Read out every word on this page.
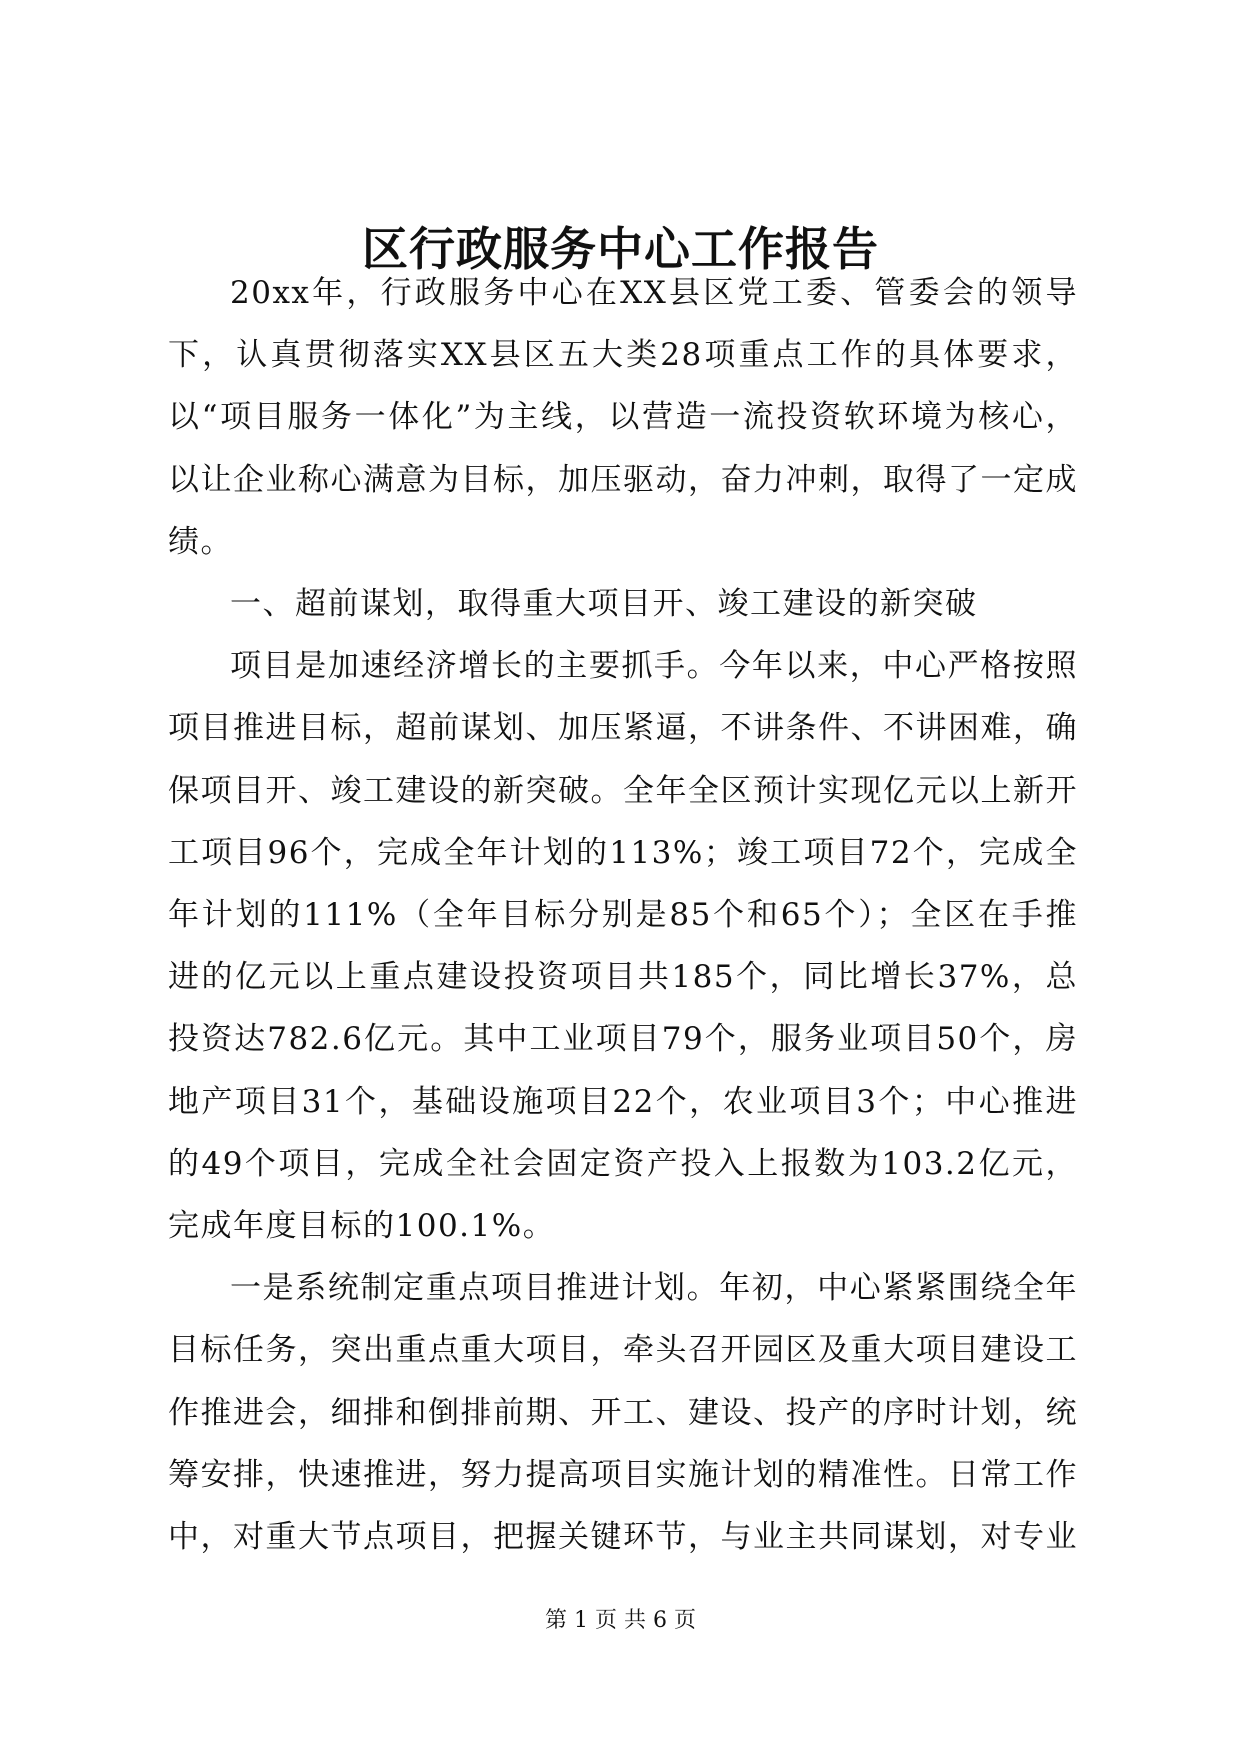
区行政服务中心工作报告

20xx年，行政服务中心在XX县区党工委、管委会的领导下，认真贯彻落实XX县区五大类28项重点工作的具体要求，以“项目服务一体化”为主线，以营造一流投资软环境为核心，以让企业称心满意为目标，加压驱动，奋力冲刺，取得了一定成绩。

一、超前谋划，取得重大项目开、竣工建设的新突破

项目是加速经济增长的主要抓手。今年以来，中心严格按照项目推进目标，超前谋划、加压紧逼，不讲条件、不讲困难，确保项目开、竣工建设的新突破。全年全区预计实现亿元以上新开工项目96个，完成全年计划的113%；竣工项目72个，完成全年计划的111%（全年目标分别是85个和65个）；全区在手推进的亿元以上重点建设投资项目共185个，同比增长37%，总投资达782.6亿元。其中工业项目79个，服务业项目50个，房地产项目31个，基础设施项目22个，农业项目3个；中心推进的49个项目，完成全社会固定资产投入上报数为103.2亿元，完成年度目标的100.1%。

一是系统制定重点项目推进计划。年初，中心紧紧围绕全年目标任务，突出重点重大项目，牵头召开园区及重大项目建设工作推进会，细排和倒排前期、开工、建设、投产的序时计划，统筹安排，快速推进，努力提高项目实施计划的精准性。日常工作中，对重大节点项目，把握关键环节，与业主共同谋划，对专业

第 1 页 共 6 页
